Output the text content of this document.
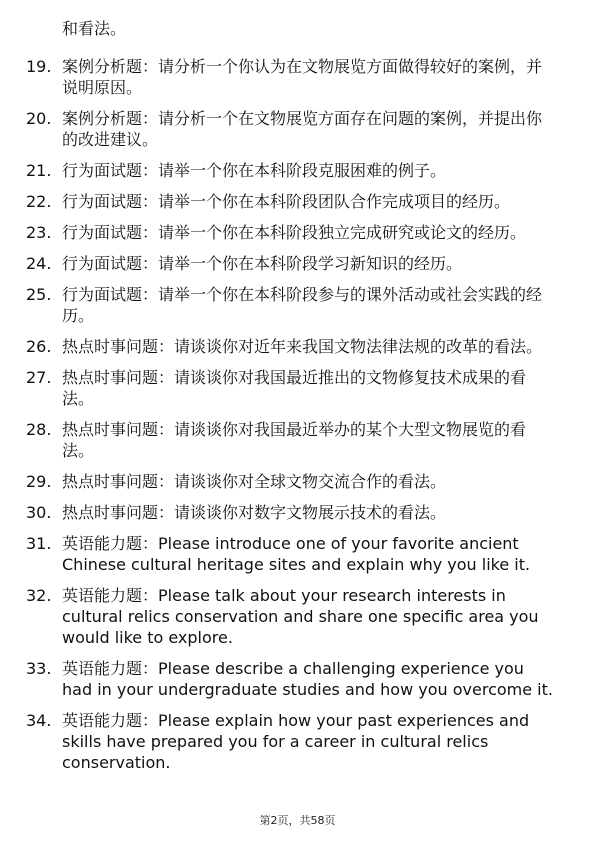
和看法。
19. 案例分析题：请分析一个你认为在文物展览方面做得较好的案例，并说明原因。
20. 案例分析题：请分析一个在文物展览方面存在问题的案例，并提出你的改进建议。
21. 行为面试题：请举一个你在本科阶段克服困难的例子。
22. 行为面试题：请举一个你在本科阶段团队合作完成项目的经历。
23. 行为面试题：请举一个你在本科阶段独立完成研究或论文的经历。
24. 行为面试题：请举一个你在本科阶段学习新知识的经历。
25. 行为面试题：请举一个你在本科阶段参与的课外活动或社会实践的经历。
26. 热点时事问题：请谈谈你对近年来我国文物法律法规的改革的看法。
27. 热点时事问题：请谈谈你对我国最近推出的文物修复技术成果的看法。
28. 热点时事问题：请谈谈你对我国最近举办的某个大型文物展览的看法。
29. 热点时事问题：请谈谈你对全球文物交流合作的看法。
30. 热点时事问题：请谈谈你对数字文物展示技术的看法。
31. 英语能力题：Please introduce one of your favorite ancient Chinese cultural heritage sites and explain why you like it.
32. 英语能力题：Please talk about your research interests in cultural relics conservation and share one specific area you would like to explore.
33. 英语能力题：Please describe a challenging experience you had in your undergraduate studies and how you overcome it.
34. 英语能力题：Please explain how your past experiences and skills have prepared you for a career in cultural relics conservation.
第2页，共58页
